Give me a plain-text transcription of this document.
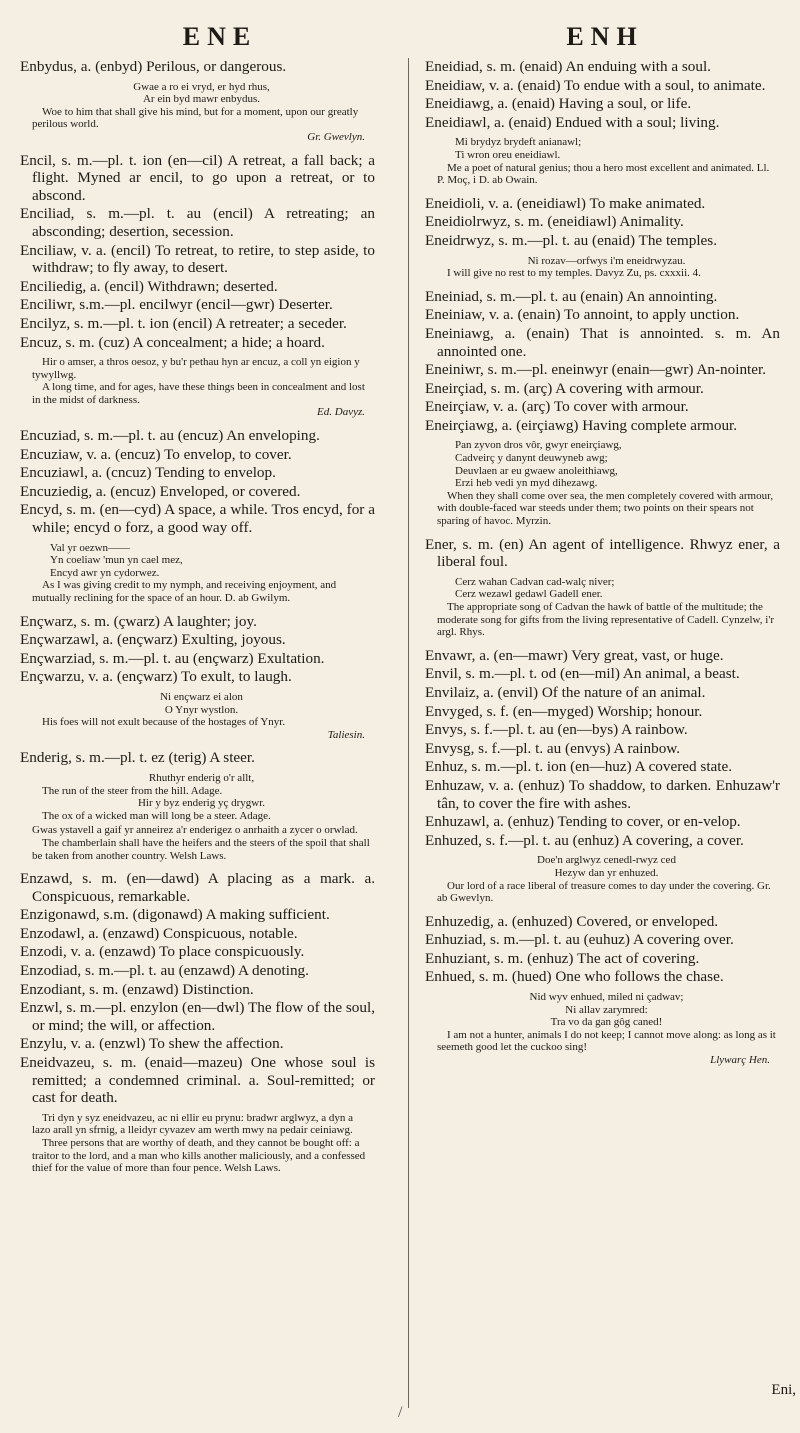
ENE	ENH

Enbydus, a. (enbyd) Perilous, or dangerous.

Gwae a ro ei vryd, er hyd rhus,

Ar ein byd mawr enbydus.

Woe to him that shall give his mind, but for a moment, upon our greatly perilous world.

Gr. Gwevlyn.

Encil, s. m.—pl. t. ion (en—cil) A retreat, a fall back; a flight. Myned ar encil, to go upon a retreat, or to abscond.

Enciliad, s. m.—pl. t. au (encil) A retreating; an absconding; desertion, secession.

Enciliaw, v. a. (encil) To retreat, to retire, to step aside, to withdraw; to fly away, to desert.

Enciliedig, a. (encil) Withdrawn; deserted.

Enciliwr, s.m.—pl. encilwyr (encil—gwr) Deserter.

Encilyz, s. m.—pl. t. ion (encil) A retreater; a seceder.

Encuz, s. m. (cuz) A concealment; a hide; a hoard.

Hir o amser, a thros oesoz, y bu'r pethau hyn ar encuz, a coll yn eigion y tywyllwg.

A long time, and for ages, have these things been in concealment and lost in the midst of darkness.

Ed. Davyz.

Encuziad, s. m.—pl. t. au (encuz) An enveloping.

Encuziaw, v. a. (encuz) To envelop, to cover.

Encuziawl, a. (cncuz) Tending to envelop.

Encuziedig, a. (encuz) Enveloped, or covered.

Encyd, s. m. (en—cyd) A space, a while. Tros encyd, for a while; encyd o forz, a good way off.

Val yr oezwn——

Yn coeliaw 'mun yn cael mez,

Encyd awr yn cydorwez.

As I was giving credit to my nymph, and receiving enjoyment, and mutually reclining for the space of an hour. D. ab Gwilym.

Ençwarz, s. m. (çwarz) A laughter; joy.

Ençwarzawl, a. (ençwarz) Exulting, joyous.

Ençwarziad, s. m.—pl. t. au (ençwarz) Exultation.

Ençwarzu, v. a. (ençwarz) To exult, to laugh.

Ni ençwarz ei alon

O Ynyr wystlon.

His foes will not exult because of the hostages of Ynyr.

Taliesin.

Enderig, s. m.—pl. t. ez (terig) A steer.

Rhuthyr enderig o'r allt,

The run of the steer from the hill. Adage.

Hir y byz enderig yç drygwr.

The ox of a wicked man will long be a steer. Adage.

Gwas ystavell a gaif yr anneirez a'r enderigez o anrhaith a zycer o orwlad.

The chamberlain shall have the heifers and the steers of the spoil that shall be taken from another country. Welsh Laws.

Enzawd, s. m. (en—dawd) A placing as a mark. a. Conspicuous, remarkable.

Enzigonawd, s.m. (digonawd) A making sufficient.

Enzodawl, a. (enzawd) Conspicuous, notable.

Enzodi, v. a. (enzawd) To place conspicuously.

Enzodiad, s. m.—pl. t. au (enzawd) A denoting.

Enzodiant, s. m. (enzawd) Distinction.

Enzwl, s. m.—pl. enzylon (en—dwl) The flow of the soul, or mind; the will, or affection.

Enzylu, v. a. (enzwl) To shew the affection.

Eneidvazeu, s. m. (enaid—mazeu) One whose soul is remitted; a condemned criminal. a. Soul-remitted; or cast for death.

Tri dyn y syz eneidvazeu, ac ni ellir eu prynu: bradwr arglwyz, a dyn a lazo arall yn sfrnig, a lleidyr cyvazev am werth mwy na pedair ceiniawg.

Three persons that are worthy of death, and they cannot be bought off: a traitor to the lord, and a man who kills another maliciously, and a confessed thief for the value of more than four pence. Welsh Laws.

Eneidiad, s. m. (enaid) An enduing with a soul.

Eneidiaw, v. a. (enaid) To endue with a soul, to animate.

Eneidiawg, a. (enaid) Having a soul, or life.

Eneidiawl, a. (enaid) Endued with a soul; living.

Mi brydyz brydeft anianawl;

Ti wron oreu eneidiawl.

Me a poet of natural genius; thou a hero most excellent and animated. Ll. P. Moç, i D. ab Owain.

Eneidioli, v. a. (eneidiawl) To make animated.

Eneidiolrwyz, s. m. (eneidiawl) Animality.

Eneidrwyz, s. m.—pl. t. au (enaid) The temples.

Ni rozav—orfwys i'm eneidrwyzau.

I will give no rest to my temples. Davyz Zu, ps. cxxxii. 4.

Eneiniad, s. m.—pl. t. au (enain) An annointing.

Eneiniaw, v. a. (enain) To annoint, to apply unction.

Eneiniawg, a. (enain) That is annointed. s. m. An annointed one.

Eneiniwr, s. m.—pl. eneinwyr (enain—gwr) An-nointer.

Eneirçiad, s. m. (arç) A covering with armour.

Eneirçiaw, v. a. (arç) To cover with armour.

Eneirçiawg, a. (eirçiawg) Having complete armour.

Pan zyvon dros vôr, gwyr eneirçiawg,

Cadveirç y danynt deuwyneb awg;

Deuvlaen ar eu gwaew anoleithiawg,

Erzi heb vedi yn myd dihezawg.

When they shall come over sea, the men completely covered with armour, with double-faced war steeds under them; two points on their spears not sparing of havoc. Myrzin.

Ener, s. m. (en) An agent of intelligence. Rhwyz ener, a liberal foul.

Cerz wahan Cadvan cad-walç niver;

Cerz wezawl gedawl Gadell ener.

The appropriate song of Cadvan the hawk of battle of the multitude; the moderate song for gifts from the living representative of Cadell. Cynzelw, i'r argl. Rhys.

Envawr, a. (en—mawr) Very great, vast, or huge.

Envil, s. m.—pl. t. od (en—mil) An animal, a beast.

Envilaiz, a. (envil) Of the nature of an animal.

Envyged, s. f. (en—myged) Worship; honour.

Envys, s. f.—pl. t. au (en—bys) A rainbow.

Envysg, s. f.—pl. t. au (envys) A rainbow.

Enhuz, s. m.—pl. t. ion (en—huz) A covered state.

Enhuzaw, v. a. (enhuz) To shaddow, to darken. Enhuzaw'r tân, to cover the fire with ashes.

Enhuzawl, a. (enhuz) Tending to cover, or en-velop.

Enhuzed, s. f.—pl. t. au (enhuz) A covering, a cover.

Doe'n arglwyz cenedl-rwyz ced

Hezyw dan yr enhuzed.

Our lord of a race liberal of treasure comes to day under the covering. Gr. ab Gwevlyn.

Enhuzedig, a. (enhuzed) Covered, or enveloped.

Enhuziad, s. m.—pl. t. au (euhuz) A covering over.

Enhuziant, s. m. (enhuz) The act of covering.

Enhued, s. m. (hued) One who follows the chase.

Nid wyv enhued, miled ni çadwav;

Ni allav zarymred:

Tra vo da gan gôg caned!

I am not a hunter, animals I do not keep; I cannot move along: as long as it seemeth good let the cuckoo sing!

Llywarç Hen.

Eni,
/
